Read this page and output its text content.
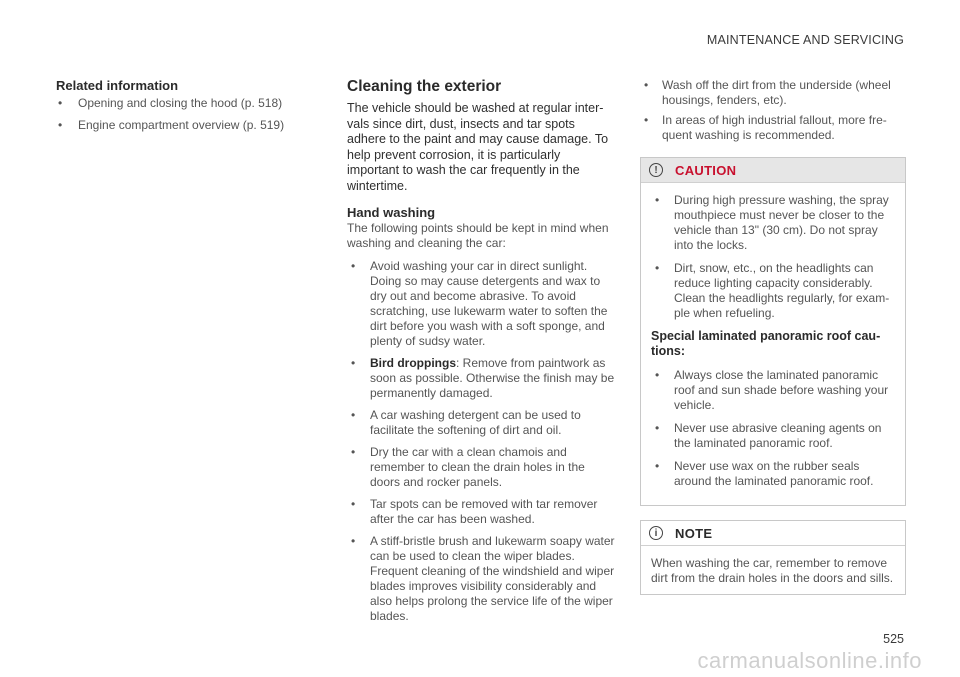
MAINTENANCE AND SERVICING
Related information
• Opening and closing the hood (p. 518)
• Engine compartment overview (p. 519)
Cleaning the exterior

The vehicle should be washed at regular inter-vals since dirt, dust, insects and tar spots adhere to the paint and may cause damage. To help prevent corrosion, it is particularly important to wash the car frequently in the wintertime.

Hand washing

The following points should be kept in mind when washing and cleaning the car:

• Avoid washing your car in direct sunlight. Doing so may cause detergents and wax to dry out and become abrasive. To avoid scratching, use lukewarm water to soften the dirt before you wash with a soft sponge, and plenty of sudsy water.
• Bird droppings: Remove from paintwork as soon as possible. Otherwise the finish may be permanently damaged.
• A car washing detergent can be used to facilitate the softening of dirt and oil.
• Dry the car with a clean chamois and remember to clean the drain holes in the doors and rocker panels.
• Tar spots can be removed with tar remover after the car has been washed.
• A stiff-bristle brush and lukewarm soapy water can be used to clean the wiper blades. Frequent cleaning of the windshield and wiper blades improves visibility considerably and also helps prolong the service life of the wiper blades.
• Wash off the dirt from the underside (wheel housings, fenders, etc).
• In areas of high industrial fallout, more fre-quent washing is recommended.
!	CAUTION
• During high pressure washing, the spray mouthpiece must never be closer to the vehicle than 13" (30 cm). Do not spray into the locks.
• Dirt, snow, etc., on the headlights can reduce lighting capacity considerably. Clean the headlights regularly, for exam-ple when refueling.
Special laminated panoramic roof cau-tions:
• Always close the laminated panoramic roof and sun shade before washing your vehicle.
• Never use abrasive cleaning agents on the laminated panoramic roof.
• Never use wax on the rubber seals around the laminated panoramic roof.
i	NOTE

When washing the car, remember to remove dirt from the drain holes in the doors and sills.

525
carmanualsonline.info
